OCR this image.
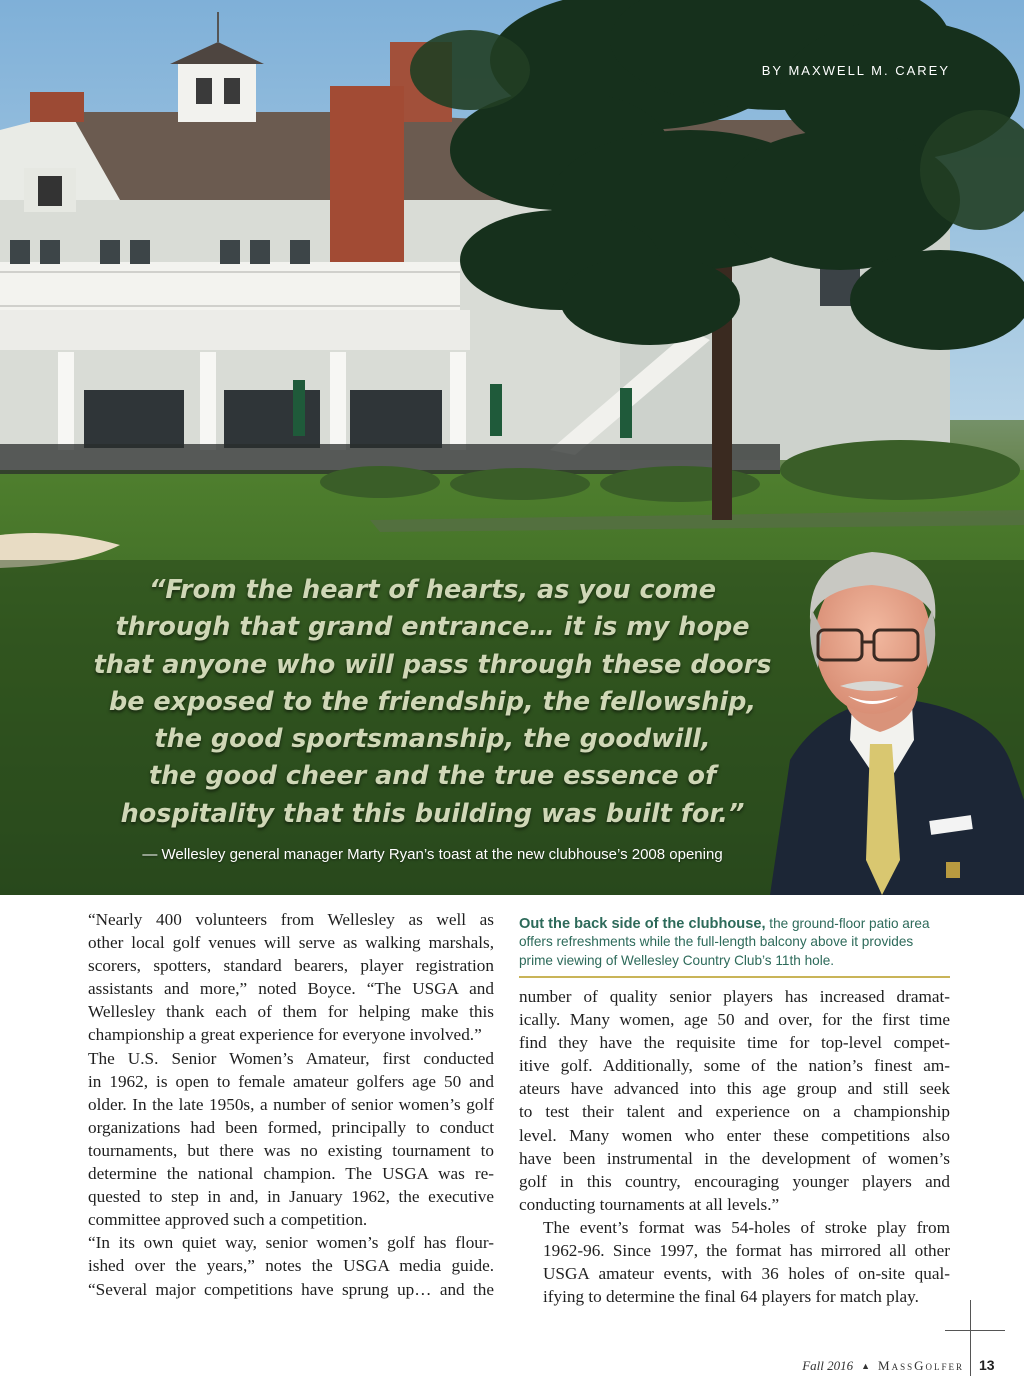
BY MAXWELL M. CAREY
“From the heart of hearts, as you come
through that grand entrance… it is my hope
that anyone who will pass through these doors
be exposed to the friendship, the fellowship,
the good sportsmanship, the goodwill,
the good cheer and the true essence of
hospitality that this building was built for.”
— Wellesley general manager Marty Ryan’s toast at the new clubhouse’s 2008 opening

“Nearly 400 volunteers from Wellesley as well as
other local golf venues will serve as walking marshals,
scorers, spotters, standard bearers, player registration
assistants and more,” noted Boyce. “The USGA and
Wellesley thank each of them for helping make this
championship a great experience for everyone involved.”

The U.S. Senior Women’s Amateur, first conducted
in 1962, is open to female amateur golfers age 50 and
older. In the late 1950s, a number of senior women’s golf
organizations had been formed, principally to conduct
tournaments, but there was no existing tournament to
determine the national champion. The USGA was re-
quested to step in and, in January 1962, the executive
committee approved such a competition.

“In its own quiet way, senior women’s golf has flour-
ished over the years,” notes the USGA media guide.
“Several major competitions have sprung up… and the

Out the back side of the clubhouse, the ground-floor patio area offers refreshments while the full-length balcony above it provides prime viewing of Wellesley Country Club’s 11th hole.

number of quality senior players has increased dramat-
ically. Many women, age 50 and over, for the first time
find they have the requisite time for top-level compet-
itive golf. Additionally, some of the nation’s finest am-
ateurs have advanced into this age group and still seek
to test their talent and experience on a championship
level. Many women who enter these competitions also
have been instrumental in the development of women’s
golf in this country, encouraging younger players and
conducting tournaments at all levels.”

The event’s format was 54-holes of stroke play from
1962-96. Since 1997, the format has mirrored all other
USGA amateur events, with 36 holes of on-site qual-
ifying to determine the final 64 players for match play.

Fall 2016 ▲ MassGolfer 13
